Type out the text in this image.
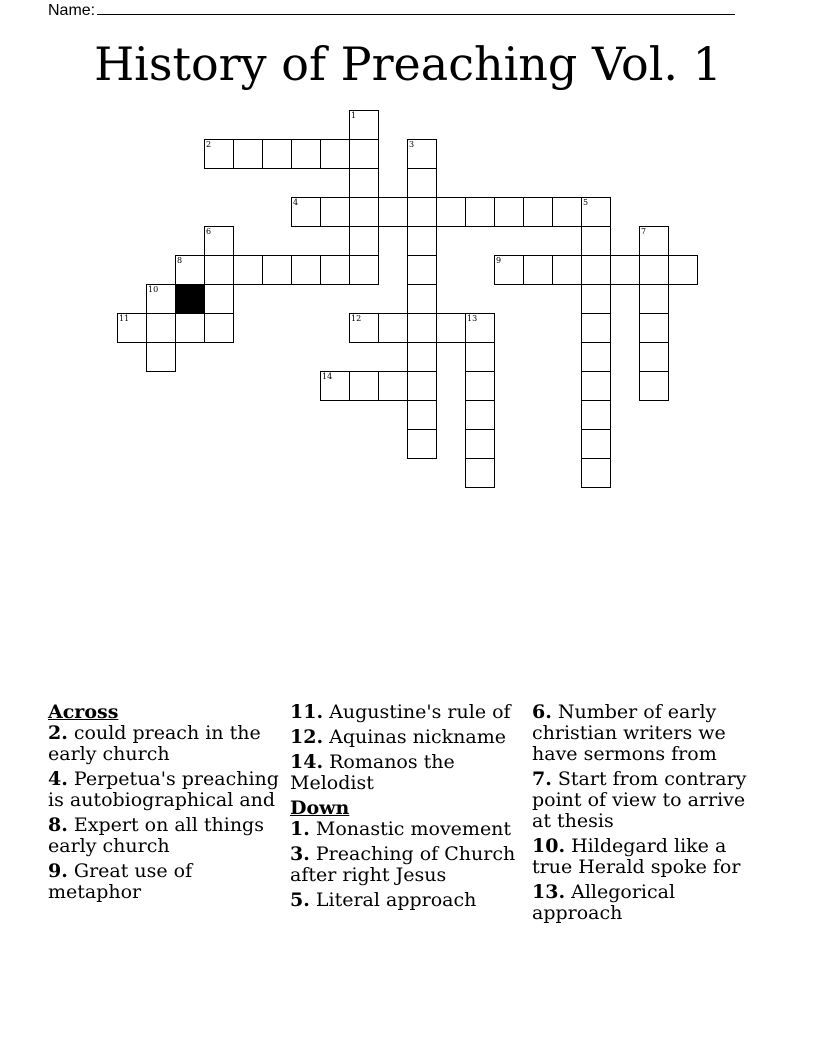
Name:
History of Preaching Vol. 1
1
2	3
4	5
6	7
8	9
10
11	12	13
14

Across

2. could preach in the early church

4. Perpetua's preaching is autobiographical and

8. Expert on all things early church

9. Great use of metaphor

11. Augustine's rule of

12. Aquinas nickname

14. Romanos the Melodist

Down

1. Monastic movement

3. Preaching of Church after right Jesus

5. Literal approach

6. Number of early christian writers we have sermons from

7. Start from contrary point of view to arrive at thesis

10. Hildegard like a true Herald spoke for

13. Allegorical approach
